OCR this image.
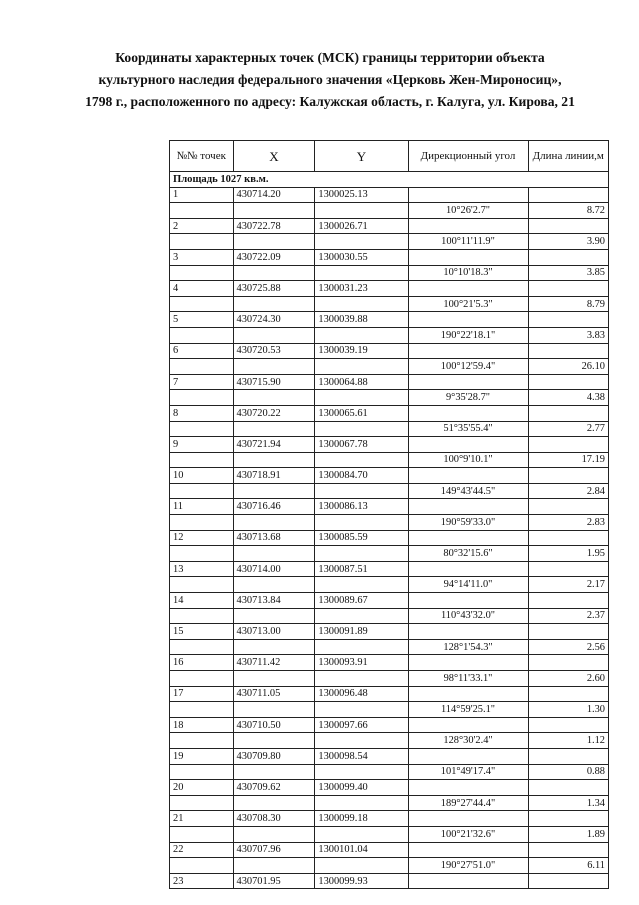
Координаты характерных точек (МСК) границы территории объекта
культурного наследия федерального значения «Церковь Жен-Мироносиц»,
1798 г., расположенного по адресу: Калужская область, г. Калуга, ул. Кирова, 21
№№ точек	X	Y	Дирекционный угол	Длина линии,м
Площадь 1027 кв.м.				
1	430714.20	1300025.13		
			10°26'2.7"	8.72
2	430722.78	1300026.71		
			100°11'11.9"	3.90
3	430722.09	1300030.55		
			10°10'18.3"	3.85
4	430725.88	1300031.23		
			100°21'5.3"	8.79
5	430724.30	1300039.88		
			190°22'18.1"	3.83
6	430720.53	1300039.19		
			100°12'59.4"	26.10
7	430715.90	1300064.88		
			9°35'28.7"	4.38
8	430720.22	1300065.61		
			51°35'55.4"	2.77
9	430721.94	1300067.78		
			100°9'10.1"	17.19
10	430718.91	1300084.70		
			149°43'44.5"	2.84
11	430716.46	1300086.13		
			190°59'33.0"	2.83
12	430713.68	1300085.59		
			80°32'15.6"	1.95
13	430714.00	1300087.51		
			94°14'11.0"	2.17
14	430713.84	1300089.67		
			110°43'32.0"	2.37
15	430713.00	1300091.89		
			128°1'54.3"	2.56
16	430711.42	1300093.91		
			98°11'33.1"	2.60
17	430711.05	1300096.48		
			114°59'25.1"	1.30
18	430710.50	1300097.66		
			128°30'2.4"	1.12
19	430709.80	1300098.54		
			101°49'17.4"	0.88
20	430709.62	1300099.40		
			189°27'44.4"	1.34
21	430708.30	1300099.18		
			100°21'32.6"	1.89
22	430707.96	1300101.04		
			190°27'51.0"	6.11
23	430701.95	1300099.93		
